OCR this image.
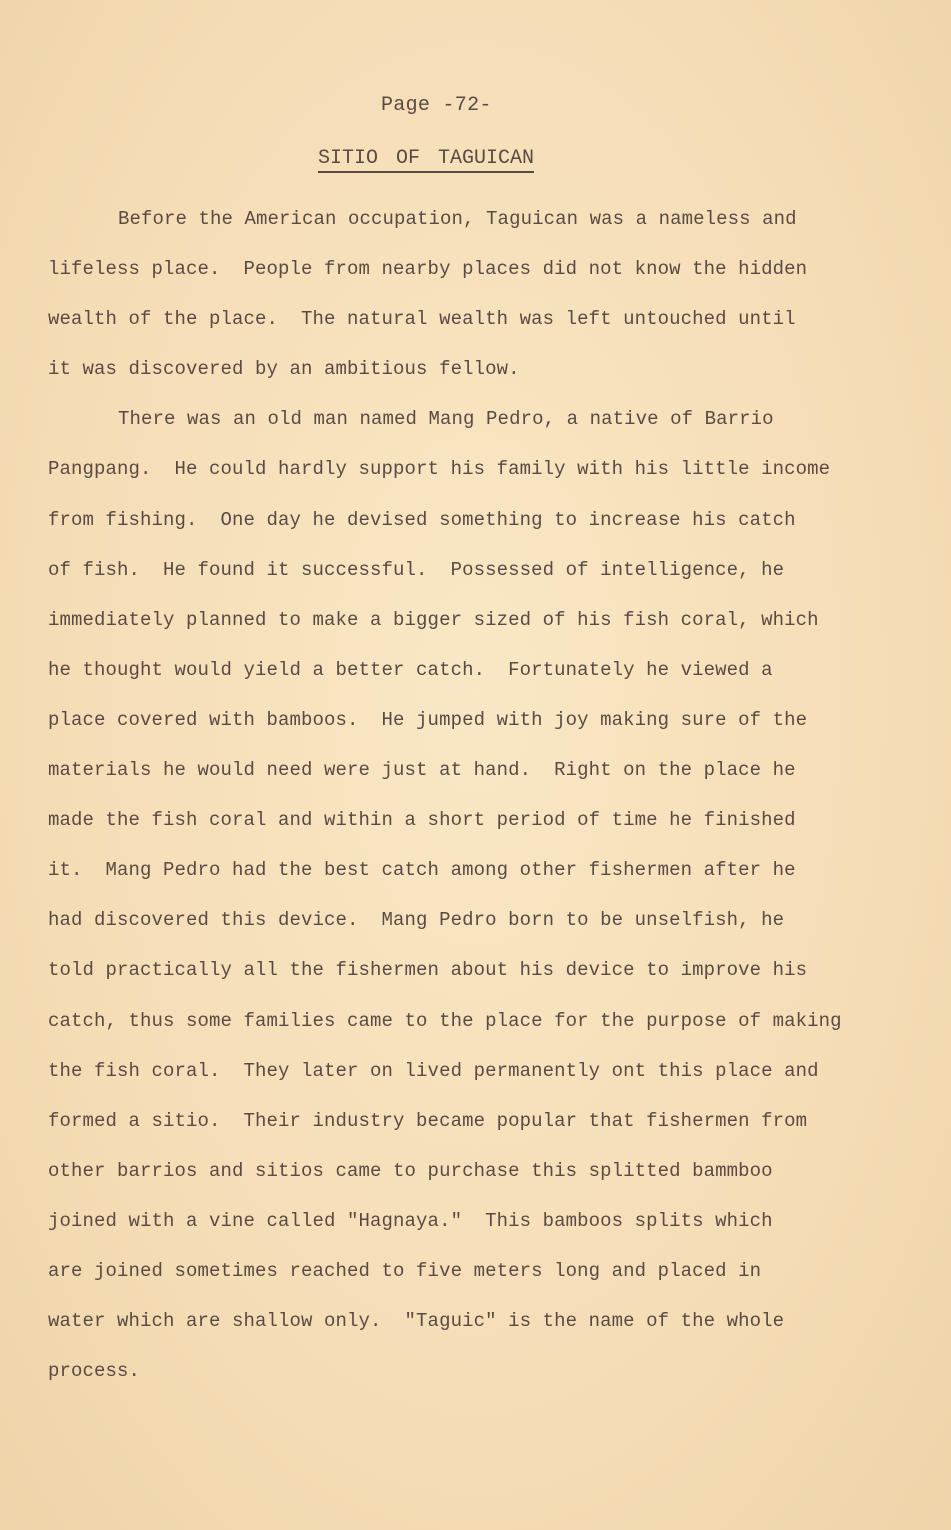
Page -72-
SITIO OF TAGUICAN
Before the American occupation, Taguican was a nameless and
lifeless place.  People from nearby places did not know the hidden
wealth of the place.  The natural wealth was left untouched until
it was discovered by an ambitious fellow.
There was an old man named Mang Pedro, a native of Barrio
Pangpang.  He could hardly support his family with his little income
from fishing.  One day he devised something to increase his catch
of fish.  He found it successful.  Possessed of intelligence, he
immediately planned to make a bigger sized of his fish coral, which
he thought would yield a better catch.  Fortunately he viewed a
place covered with bamboos.  He jumped with joy making sure of the
materials he would need were just at hand.  Right on the place he
made the fish coral and within a short period of time he finished
it.  Mang Pedro had the best catch among other fishermen after he
had discovered this device.  Mang Pedro born to be unselfish, he
told practically all the fishermen about his device to improve his
catch, thus some families came to the place for the purpose of making
the fish coral.  They later on lived permanently ont this place and
formed a sitio.  Their industry became popular that fishermen from
other barrios and sitios came to purchase this splitted bammboo
joined with a vine called "Hagnaya."  This bamboos splits which
are joined sometimes reached to five meters long and placed in
water which are shallow only.  "Taguic" is the name of the whole
process.
